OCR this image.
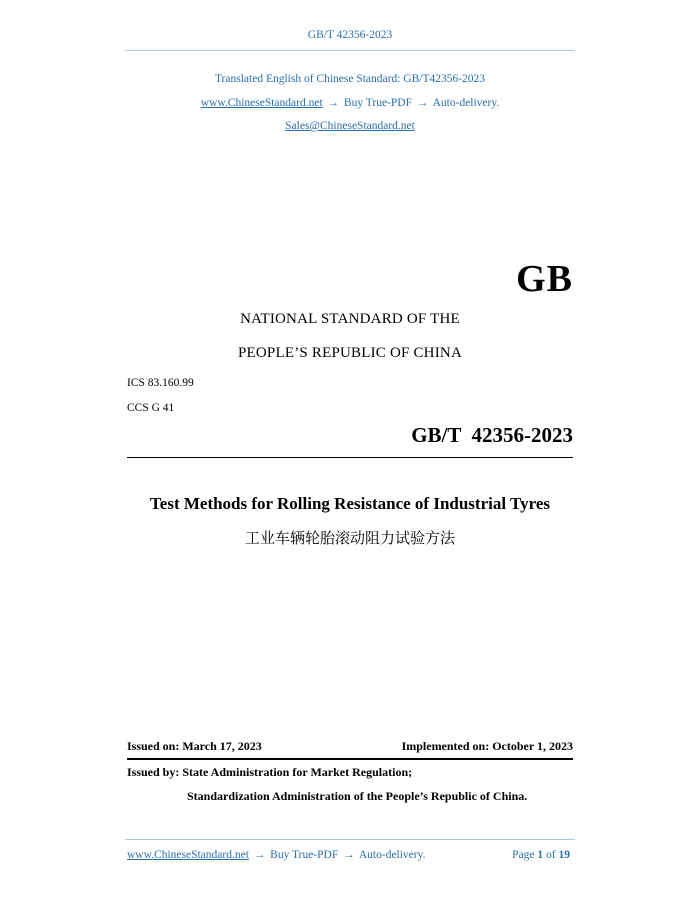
GB/T 42356-2023
Translated English of Chinese Standard: GB/T42356-2023
www.ChineseStandard.net → Buy True-PDF → Auto-delivery.
Sales@ChineseStandard.net
GB
NATIONAL STANDARD OF THE
PEOPLE’S REPUBLIC OF CHINA
ICS 83.160.99
CCS G 41
GB/T  42356-2023
Test Methods for Rolling Resistance of Industrial Tyres
工业车辆轮胎滚动阻力试验方法
Issued on: March 17, 2023	Implemented on: October 1, 2023
Issued by: State Administration for Market Regulation;
Standardization Administration of the People’s Republic of China.
www.ChineseStandard.net → Buy True-PDF → Auto-delivery.	Page 1 of 19
